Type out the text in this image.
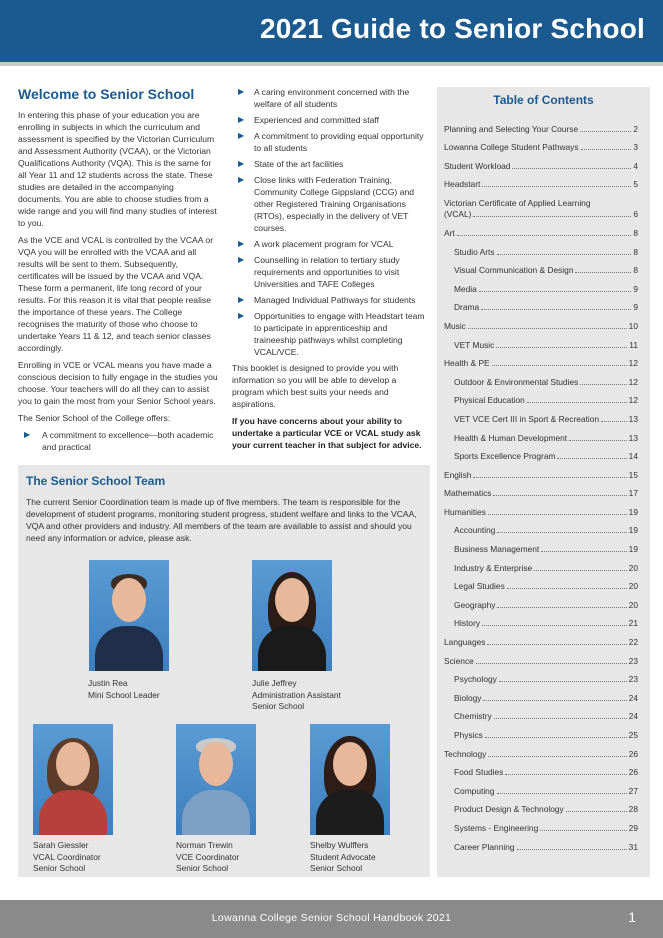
2021 Guide to Senior School
Welcome to Senior School

In entering this phase of your education you are enrolling in subjects in which the curriculum and assessment is specified by the Victorian Curriculum and Assessment Authority (VCAA), or the Victorian Qualifications Authority (VQA). This is the same for all Year 11 and 12 students across the state. These studies are detailed in the accompanying documents. You are able to choose studies from a wide range and you will find many studies of interest to you.

As the VCE and VCAL is controlled by the VCAA or VQA you will be enrolled with the VCAA and all results will be sent to them. Subsequently, certificates will be issued by the VCAA and VQA. These form a permanent, life long record of your results. For this reason it is vital that people realise the importance of these years. The College recognises the maturity of those who choose to undertake Years 11 & 12, and teach senior classes accordingly.

Enrolling in VCE or VCAL means you have made a conscious decision to fully engage in the studies you choose. Your teachers will do all they can to assist you to gain the most from your Senior School years.

The Senior School of the College offers:

▶ A commitment to excellence—both academic and practical
▶ A caring environment concerned with the welfare of all students
▶ Experienced and committed staff
▶ A commitment to providing equal opportunity to all students
▶ State of the art facilities
▶ Close links with Federation Training, Community College Gippsland (CCG) and other Registered Training Organisations (RTOs), especially in the delivery of VET courses.
▶ A work placement program for VCAL
▶ Counselling in relation to tertiary study requirements and opportunities to visit Universities and TAFE Colleges
▶ Managed Individual Pathways for students
▶ Opportunities to engage with Headstart team to participate in apprenticeship and traineeship pathways whilst completing VCAL/VCE.

This booklet is designed to provide you with information so you will be able to develop a program which best suits your needs and aspirations.

If you have concerns about your ability to undertake a particular VCE or VCAL study ask your current teacher in that subject for advice.

Table of Contents
Planning and Selecting Your Course	2
Lowanna College Student Pathways	3
Student Workload	4
Headstart	5
Victorian Certificate of Applied Learning
(VCAL)	6
Art	8
Studio Arts	8
Visual Communication & Design	8
Media	9
Drama	9
Music	10
VET Music	11
Health & PE	12
Outdoor & Environmental Studies	12
Physical Education	12
VET VCE Cert III in Sport & Recreation	13
Health & Human Development	13
Sports Excellence Program	14
English	15
Mathematics	17
Humanities	19
Accounting	19
Business Management	19
Industry & Enterprise	20
Legal Studies	20
Geography	20
History	21
Languages	22
Science	23
Psychology	23
Biology	24
Chemistry	24
Physics	25
Technology	26
Food Studies	26
Computing	27
Product Design & Technology	28
Systems - Engineering	29
Career Planning	31
The Senior School Team
The current Senior Coordination team is made up of five members. The team is responsible for the development of student programs, monitoring student progress, student welfare and links to the VCAA, VQA and other providers and industry. All members of the team are available to assist and should you need any information or advice, please ask.
Justin Rea
Mini School Leader
Julie Jeffrey
Administration Assistant
Senior School
Sarah Giessler
VCAL Coordinator
Senior School
Norman Trewin
VCE Coordinator
Senior School
Shelby Wulffers
Student Advocate
Senior School
Lowanna College Senior School Handbook 2021	1
